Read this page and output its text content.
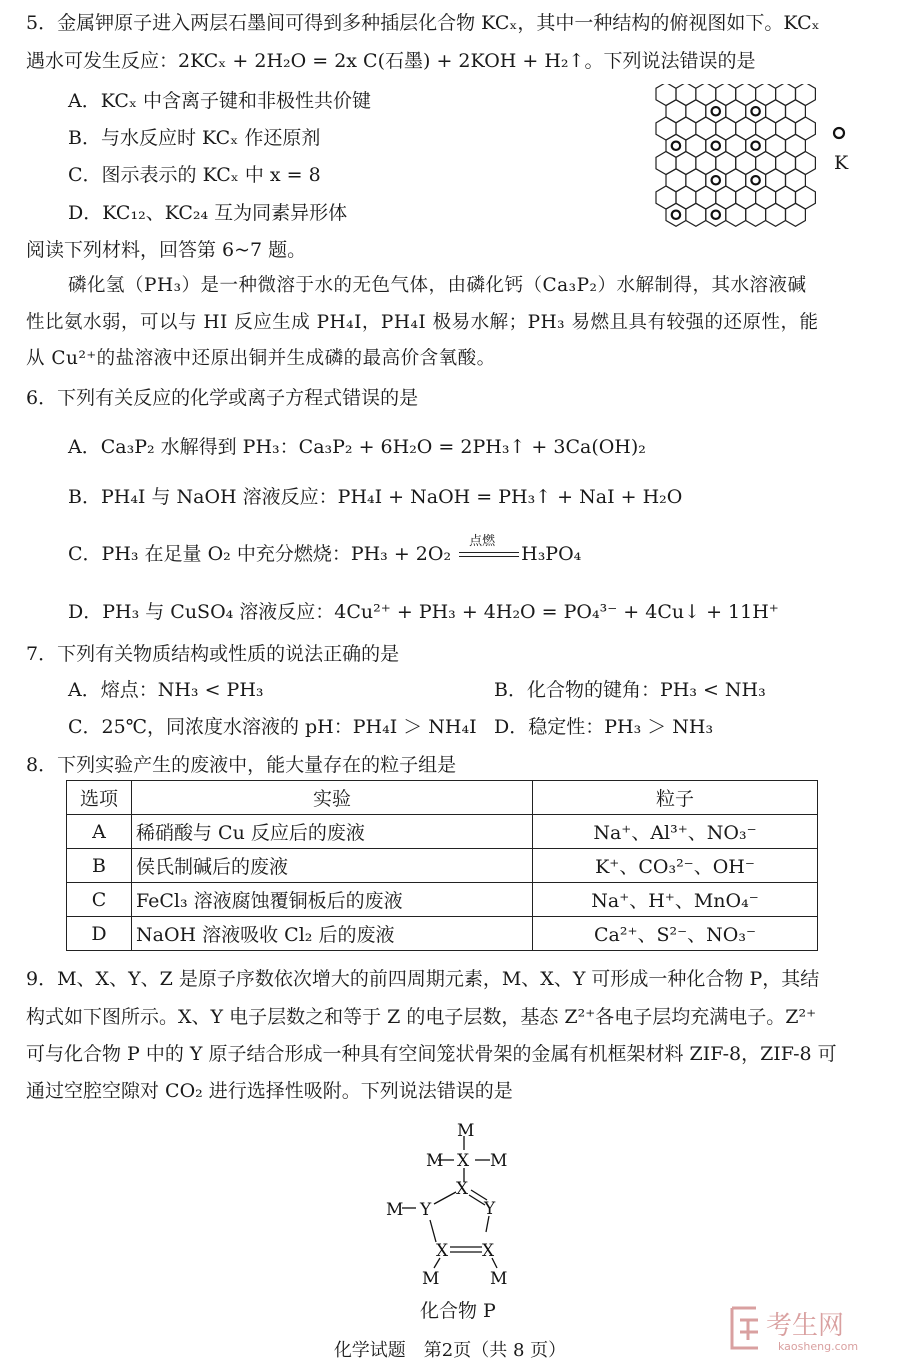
5．金属钾原子进入两层石墨间可得到多种插层化合物 KCₓ，其中一种结构的俯视图如下。KCₓ
遇水可发生反应：2KCₓ + 2H₂O = 2x C(石墨) + 2KOH + H₂↑。下列说法错误的是
A．KCₓ 中含离子键和非极性共价键
B．与水反应时 KCₓ 作还原剂
C．图示表示的 KCₓ 中 x = 8
D．KC₁₂、KC₂₄ 互为同素异形体
K
阅读下列材料，回答第 6~7 题。
磷化氢（PH₃）是一种微溶于水的无色气体，由磷化钙（Ca₃P₂）水解制得，其水溶液碱
性比氨水弱，可以与 HI 反应生成 PH₄I，PH₄I 极易水解；PH₃ 易燃且具有较强的还原性，能
从 Cu²⁺的盐溶液中还原出铜并生成磷的最高价含氧酸。
6．下列有关反应的化学或离子方程式错误的是
A．Ca₃P₂ 水解得到 PH₃：Ca₃P₂ + 6H₂O = 2PH₃↑ + 3Ca(OH)₂
B．PH₄I 与 NaOH 溶液反应：PH₄I + NaOH = PH₃↑ + NaI + H₂O
C．PH₃ 在足量 O₂ 中充分燃烧：PH₃ + 2O₂
点燃
H₃PO₄
D．PH₃ 与 CuSO₄ 溶液反应：4Cu²⁺ + PH₃ + 4H₂O = PO₄³⁻ + 4Cu↓ + 11H⁺
7．下列有关物质结构或性质的说法正确的是
A．熔点：NH₃ < PH₃	B．化合物的键角：PH₃ < NH₃
C．25℃，同浓度水溶液的 pH：PH₄I ＞ NH₄I D．稳定性：PH₃ ＞ NH₃
8．下列实验产生的废液中，能大量存在的粒子组是
选项	实验	粒子
A	稀硝酸与 Cu 反应后的废液	Na⁺、Al³⁺、NO₃⁻
B	侯氏制碱后的废液	K⁺、CO₃²⁻、OH⁻
C	FeCl₃ 溶液腐蚀覆铜板后的废液	Na⁺、H⁺、MnO₄⁻
D	NaOH 溶液吸收 Cl₂ 后的废液	Ca²⁺、S²⁻、NO₃⁻
9．M、X、Y、Z 是原子序数依次增大的前四周期元素，M、X、Y 可形成一种化合物 P，其结
构式如下图所示。X、Y 电子层数之和等于 Z 的电子层数，基态 Z²⁺各电子层均充满电子。Z²⁺
可与化合物 P 中的 Y 原子结合形成一种具有空间笼状骨架的金属有机框架材料 ZIF-8，ZIF-8 可
通过空腔空隙对 CO₂ 进行选择性吸附。下列说法错误的是
M
M X M
X
Y
Y
M
X X
M	M
化合物 P
化学试题　第2页（共 8 页）
考生网
kaosheng.com
